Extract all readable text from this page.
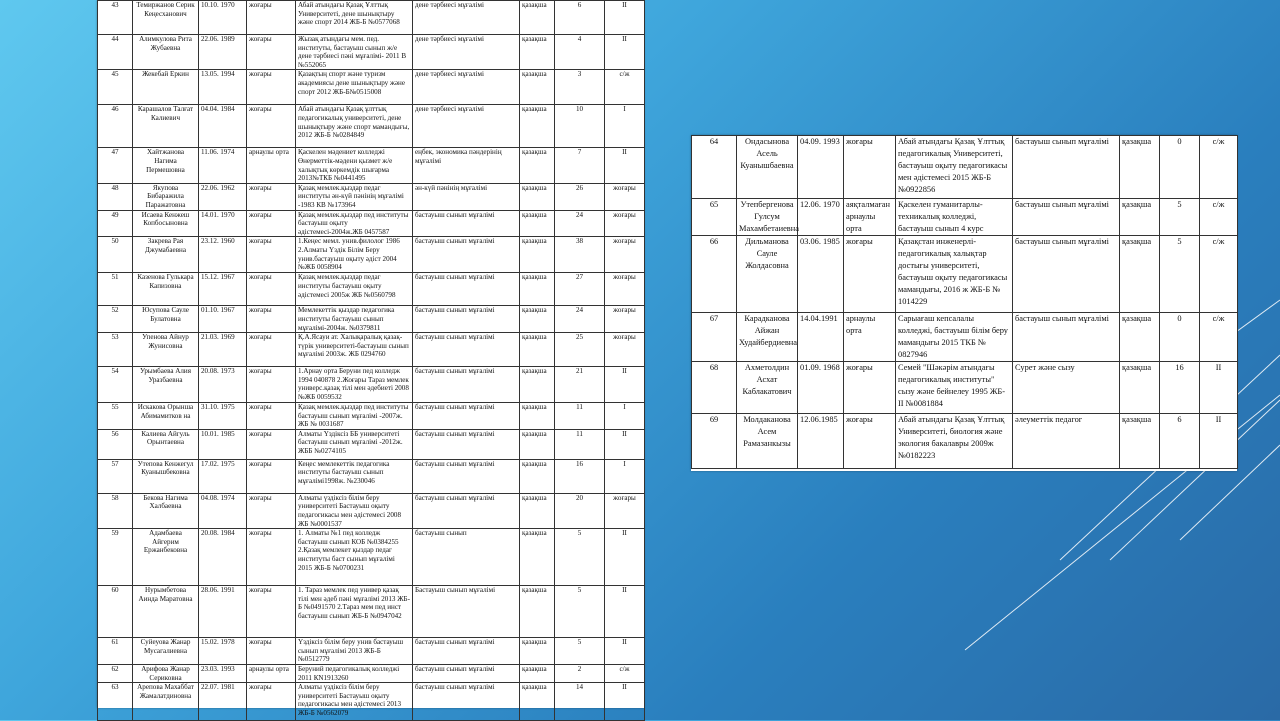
43	Темиржанов Серик Кеңесханович	10.10. 1970	жоғары	Абай атындағы Қазақ Ұлттық Университеті, дене шынықтыру және спорт 2014 ЖБ-Б №0577068	дене тәрбиесі мұғалімі	қазақша	6	II
44	Алимкулова Рита Жубаевна	22.06. 1989	жоғары	Жызақ атындағы мем. пед. институты, бастауыш сынып ж/е дене тәрбиесі пәні мұғалімі- 2011 В №552065	дене тәрбиесі мұғалімі	қазақша	4	II
45	Жекебай Еркин	13.05. 1994	жоғары	Қазақтың спорт және туризм академиясы дене шынықтыру және спорт 2012 ЖБ-Б№0515008	дене тәрбиесі мұғалімі	қазақша	3	с/ж
46	Карашалов Талғат Калиевич	04.04. 1984	жоғары	Абай атындағы Қазақ ұлттық педагогикалық университеті, дене шынықтыру және спорт мамандығы, 2012 ЖБ-Б №0284849	дене тәрбиесі мұғалімі	қазақша	10	I
47	Хайтжанова Нагима Пермешовна	11.06. 1974	арнаулы орта	Қаскелен мәдениет колледжі Өнерметтік-мәдени қызмет ж/е халықтық көркемдік шығарма 2013№ТКБ №0441495	еңбек, экономика пәндерінің мұғалімі	қазақша	7	II
48	Якупова Бибаражила Паражатовна	22.06. 1962	жоғары	Қазақ мемлек.қыздар педаг институты ән-күй пәнінің мұғалімі -1983 КВ №173964	ән-күй пәнінің мұғалімі	қазақша	26	жоғары
49	Исаева Кенжеш Копбосыновна	14.01. 1970	жоғары	Қазақ мемлек.қыздар пед институты бастауыш оқыту әдістемесі-2004ж.ЖБ 0457587	бастауыш сынып мұғалімі	қазақша	24	жоғары
50	Закрева Рая Джумабаевна	23.12. 1960	жоғары	1.Кеңес мемл. унив.филолог 1986 2.Алматы Үздік Білім Беру унив.бастауыш оқыту әдіст 2004 №ЖБ 0058904	бастауыш сынып мұғалімі	қазақша	38	жоғары
51	Казенова Гулькара Капизовна	15.12. 1967	жоғары	Қазақ мемлек.қыздар педаг институты бастауыш оқыту әдістемесі 2005ж ЖБ №0560798	бастауыш сынып мұғалімі	қазақша	27	жоғары
52	Юсупова Сауле Булатовна	01.10. 1967	жоғары	Мемлекеттік қыздар педагогика институты бастауыш сынып мұғалімі-2004ж. №0379811	бастауыш сынып мұғалімі	қазақша	24	жоғары
53	Упенова Айнур Жунисовна	21.03. 1969	жоғары	Қ.А.Ясауи ат. Халықаралық қазақ-түрік университеті-бастауыш сынып мұғалімі 2003ж. ЖБ 0294760	бастауыш сынып мұғалімі	қазақша	25	жоғары
54	Урымбаева Алия Уразбаевна	20.08. 1973	жоғары	1.Арнау орта Беруни пед колледж 1994 040878 2.Жоғары Тараз мемлек универс.қазақ тілі мен әдебиеті 2008 №ЖБ 0059532	бастауыш сынып мұғалімі	қазақша	21	II
55	Искакова Орынша Абимамитков на	31.10. 1975	жоғары	Қазақ мемлек.қыздар пед институты бастауыш сынып мұғалімі -2007ж. ЖБ № 0031687	бастауыш сынып мұғалімі	қазақша	11	I
56	Калиева Айгуль Орынтаевна	10.01. 1985	жоғары	Алматы Үздіксіз ББ университеті бастауыш сынып мұғалімі -2012ж. ЖББ №0274105	бастауыш сынып мұғалімі	қазақша	11	II
57	Утепова Кенжегул Куанышбековна	17.02. 1975	жоғары	Кеңес мемлекеттік педагогика институты бастауыш сынып мұғалімі1998ж. №230046	бастауыш сынып мұғалімі	қазақша	16	I
58	Бекова Нагима Халбаевна	04.08. 1974	жоғары	Алматы үздіксіз білім беру университеті Бастауыш оқыту педагогикасы мен әдістемесі 2008 ЖБ №0001537	бастауыш сынып мұғалімі	қазақша	20	жоғары
59	Адамбаева Айгерим Ержанбековна	20.08. 1984	жоғары	1. Алматы №1 пед колледж бастауыш сынып КОБ №0384255 2.Қазақ мемлекет қыздар педаг институты баст сынып мұғалімі 2015 ЖБ-Б №0700231	бастауыш сынып	қазақша	5	II
60	Нурымбетова Аинда Маратовна	28.06. 1991	жоғары	1. Тараз мемлек пед универ қазақ тілі мен әдеб пәні мұғалімі 2013 ЖБ-Б №0491570 2.Тараз мем пед инст бастауыш сынып ЖБ-Б №0947042	Бастауыш сынып мұғалімі	қазақша	5	II
61	Суйеуова Жанар Мусагалиевна	15.02. 1978	жоғары	Үздіксіз білім беру унив бастауыш сынып мұғалімі 2013 ЖБ-Б №0512779	бастауыш сынып мұғалімі	қазақша	5	II
62	Арифова Жанар Сериковна	23.03. 1993	арнаулы орта	Беруний педагогикалық колледжі 2011 КN1913260	бастауыш сынып мұғалімі	қазақша	2	с/ж
63	Арепова Махаббат Жамалатдиновна	22.07. 1981	жоғары	Алматы үздіксіз білім беру университеті Бастауыш оқыту педагогикасы мен әдістемесі 2013 ЖБ-Б №0562079	бастауыш сынып мұғалімі	қазақша	14	II
64	Ондасынова Асель Куанышбаевна	04.09. 1993	жоғары	Абай атындағы Қазақ Ұлттық педагогикалық Университеті, бастауыш оқыту педагогикасы мен әдістемесі 2015 ЖБ-Б №0922856	бастауыш сынып мұғалімі	қазақша	0	с/ж
65	Утепбергенова Гулсум Махамбетаиевна	12.06. 1970	аяқталмаған арнаулы орта	Қаскелен гуманитарлы-техникалық колледжі, бастауыш сынып 4 курс	бастауыш сынып мұғалімі	қазақша	5	с/ж
66	Дильманова Сауле Жолдасовна	03.06. 1985	жоғары	Қазақстан инженерлі-педагогикалық халықтар достығы университеті, бастауыш оқыту педагогикасы мамандығы, 2016 ж ЖБ-Б № 1014229	бастауыш сынып мұғалімі	қазақша	5	с/ж
67	Карадканова Айжан Худайбердиевна	14.04.1991	арнаулы орта	Сарыағаш кепсалалы колледжі, бастауыш білім беру мамандығы 2015 ТКБ № 0827946	бастауыш сынып мұғалімі	қазақша	0	с/ж
68	Ахметолдин Асхат Каблакатович	01.09. 1968	жоғары	Семей "Шәкәрім атындағы педагогикалық институты" сызу және бейнелеу 1995 ЖБ-II №0081884	Сурет және сызу	қазақша	16	II
69	Молдаканова Асем Рамазанкызы	12.06.1985	жоғары	Абай атындағы Қазақ Ұлттық Университеті, биология және экология бакалавры 2009ж №0182223	әлеуметтік педагог	қазақша	6	II
